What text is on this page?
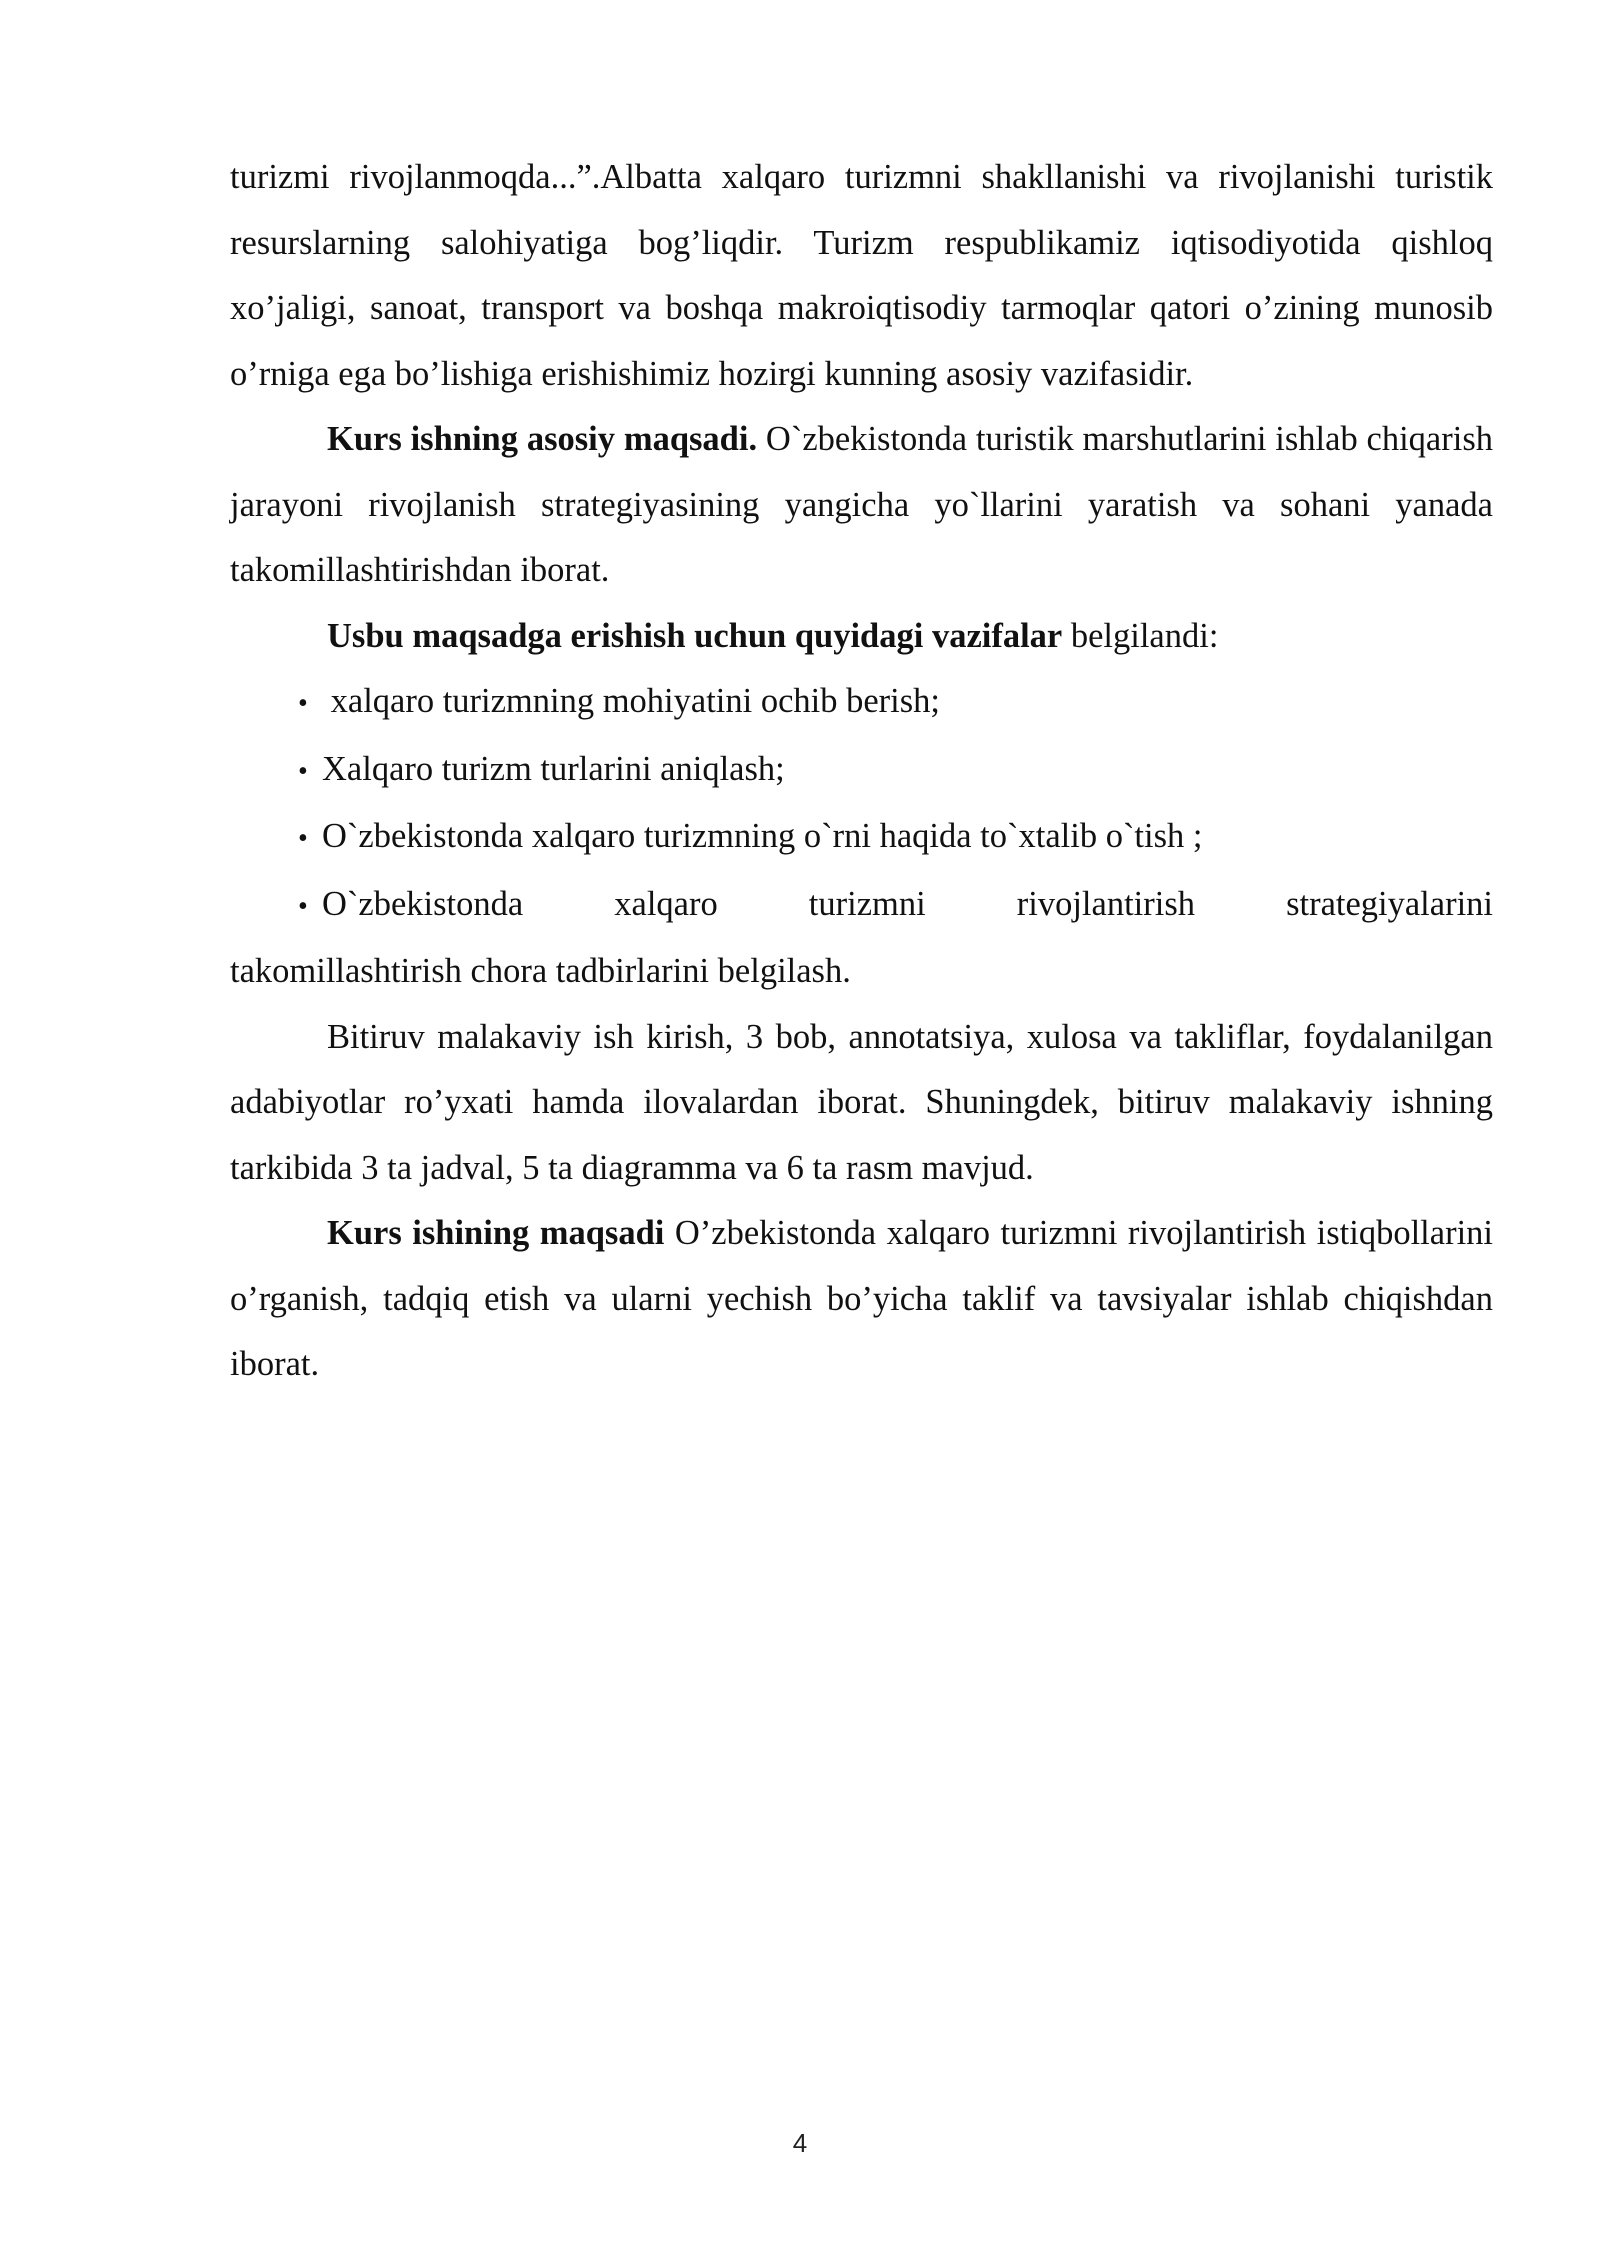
turizmi rivojlanmoqda...”.Albatta xalqaro turizmni shakllanishi va rivojlanishi turistik resurslarning salohiyatiga bog’liqdir. Turizm respublikamiz iqtisodiyotida qishloq xo’jaligi, sanoat, transport va boshqa makroiqtisodiy tarmoqlar qatori o’zining munosib o’rniga ega bo’lishiga erishishimiz hozirgi kunning asosiy vazifasidir.

Kurs ishning asosiy maqsadi. O`zbekistonda turistik marshutlarini ishlab chiqarish jarayoni rivojlanish strategiyasining yangicha yo`llarini yaratish va sohani yanada takomillashtirishdan iborat.

Usbu maqsadga erishish uchun quyidagi vazifalar belgilandi:

• xalqaro turizmning mohiyatini ochib berish;

• Xalqaro turizm turlarini aniqlash;

• O`zbekistonda xalqaro turizmning o`rni haqida to`xtalib o`tish ;

• O`zbekistonda xalqaro turizmni rivojlantirish strategiyalarini

takomillashtirish chora tadbirlarini belgilash.

Bitiruv malakaviy ish kirish, 3 bob, annotatsiya, xulosa va takliflar, foydalanilgan adabiyotlar ro’yxati hamda ilovalardan iborat. Shuningdek, bitiruv malakaviy ishning tarkibida 3 ta jadval, 5 ta diagramma va 6 ta rasm mavjud.

Kurs ishining maqsadi O’zbekistonda xalqaro turizmni rivojlantirish istiqbollarini o’rganish, tadqiq etish va ularni yechish bo’yicha taklif va tavsiyalar ishlab chiqishdan iborat.

4
